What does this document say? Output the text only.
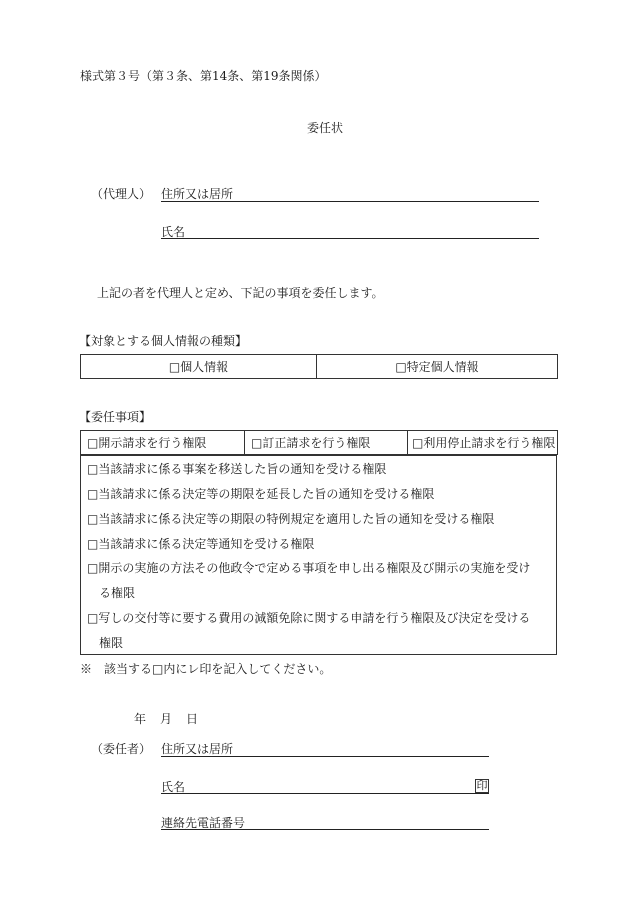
様式第３号（第３条、第14条、第19条関係）
委任状
（代理人） 住所又は居所
氏名
上記の者を代理人と定め、下記の事項を委任します。
【対象とする個人情報の種類】
□個人情報	□特定個人情報
【委任事項】
□開示請求を行う権限	□訂正請求を行う権限	□利用停止請求を行う権限
□当該請求に係る事案を移送した旨の通知を受ける権限
□当該請求に係る決定等の期限を延長した旨の通知を受ける権限
□当該請求に係る決定等の期限の特例規定を適用した旨の通知を受ける権限
□当該請求に係る決定等通知を受ける権限
□開示の実施の方法その他政令で定める事項を申し出る権限及び開示の実施を受け
る権限
□写しの交付等に要する費用の減額免除に関する申請を行う権限及び決定を受ける
権限
※　該当する□内にレ印を記入してください。
年 月 日
（委任者） 住所又は居所
氏名	印
連絡先電話番号
